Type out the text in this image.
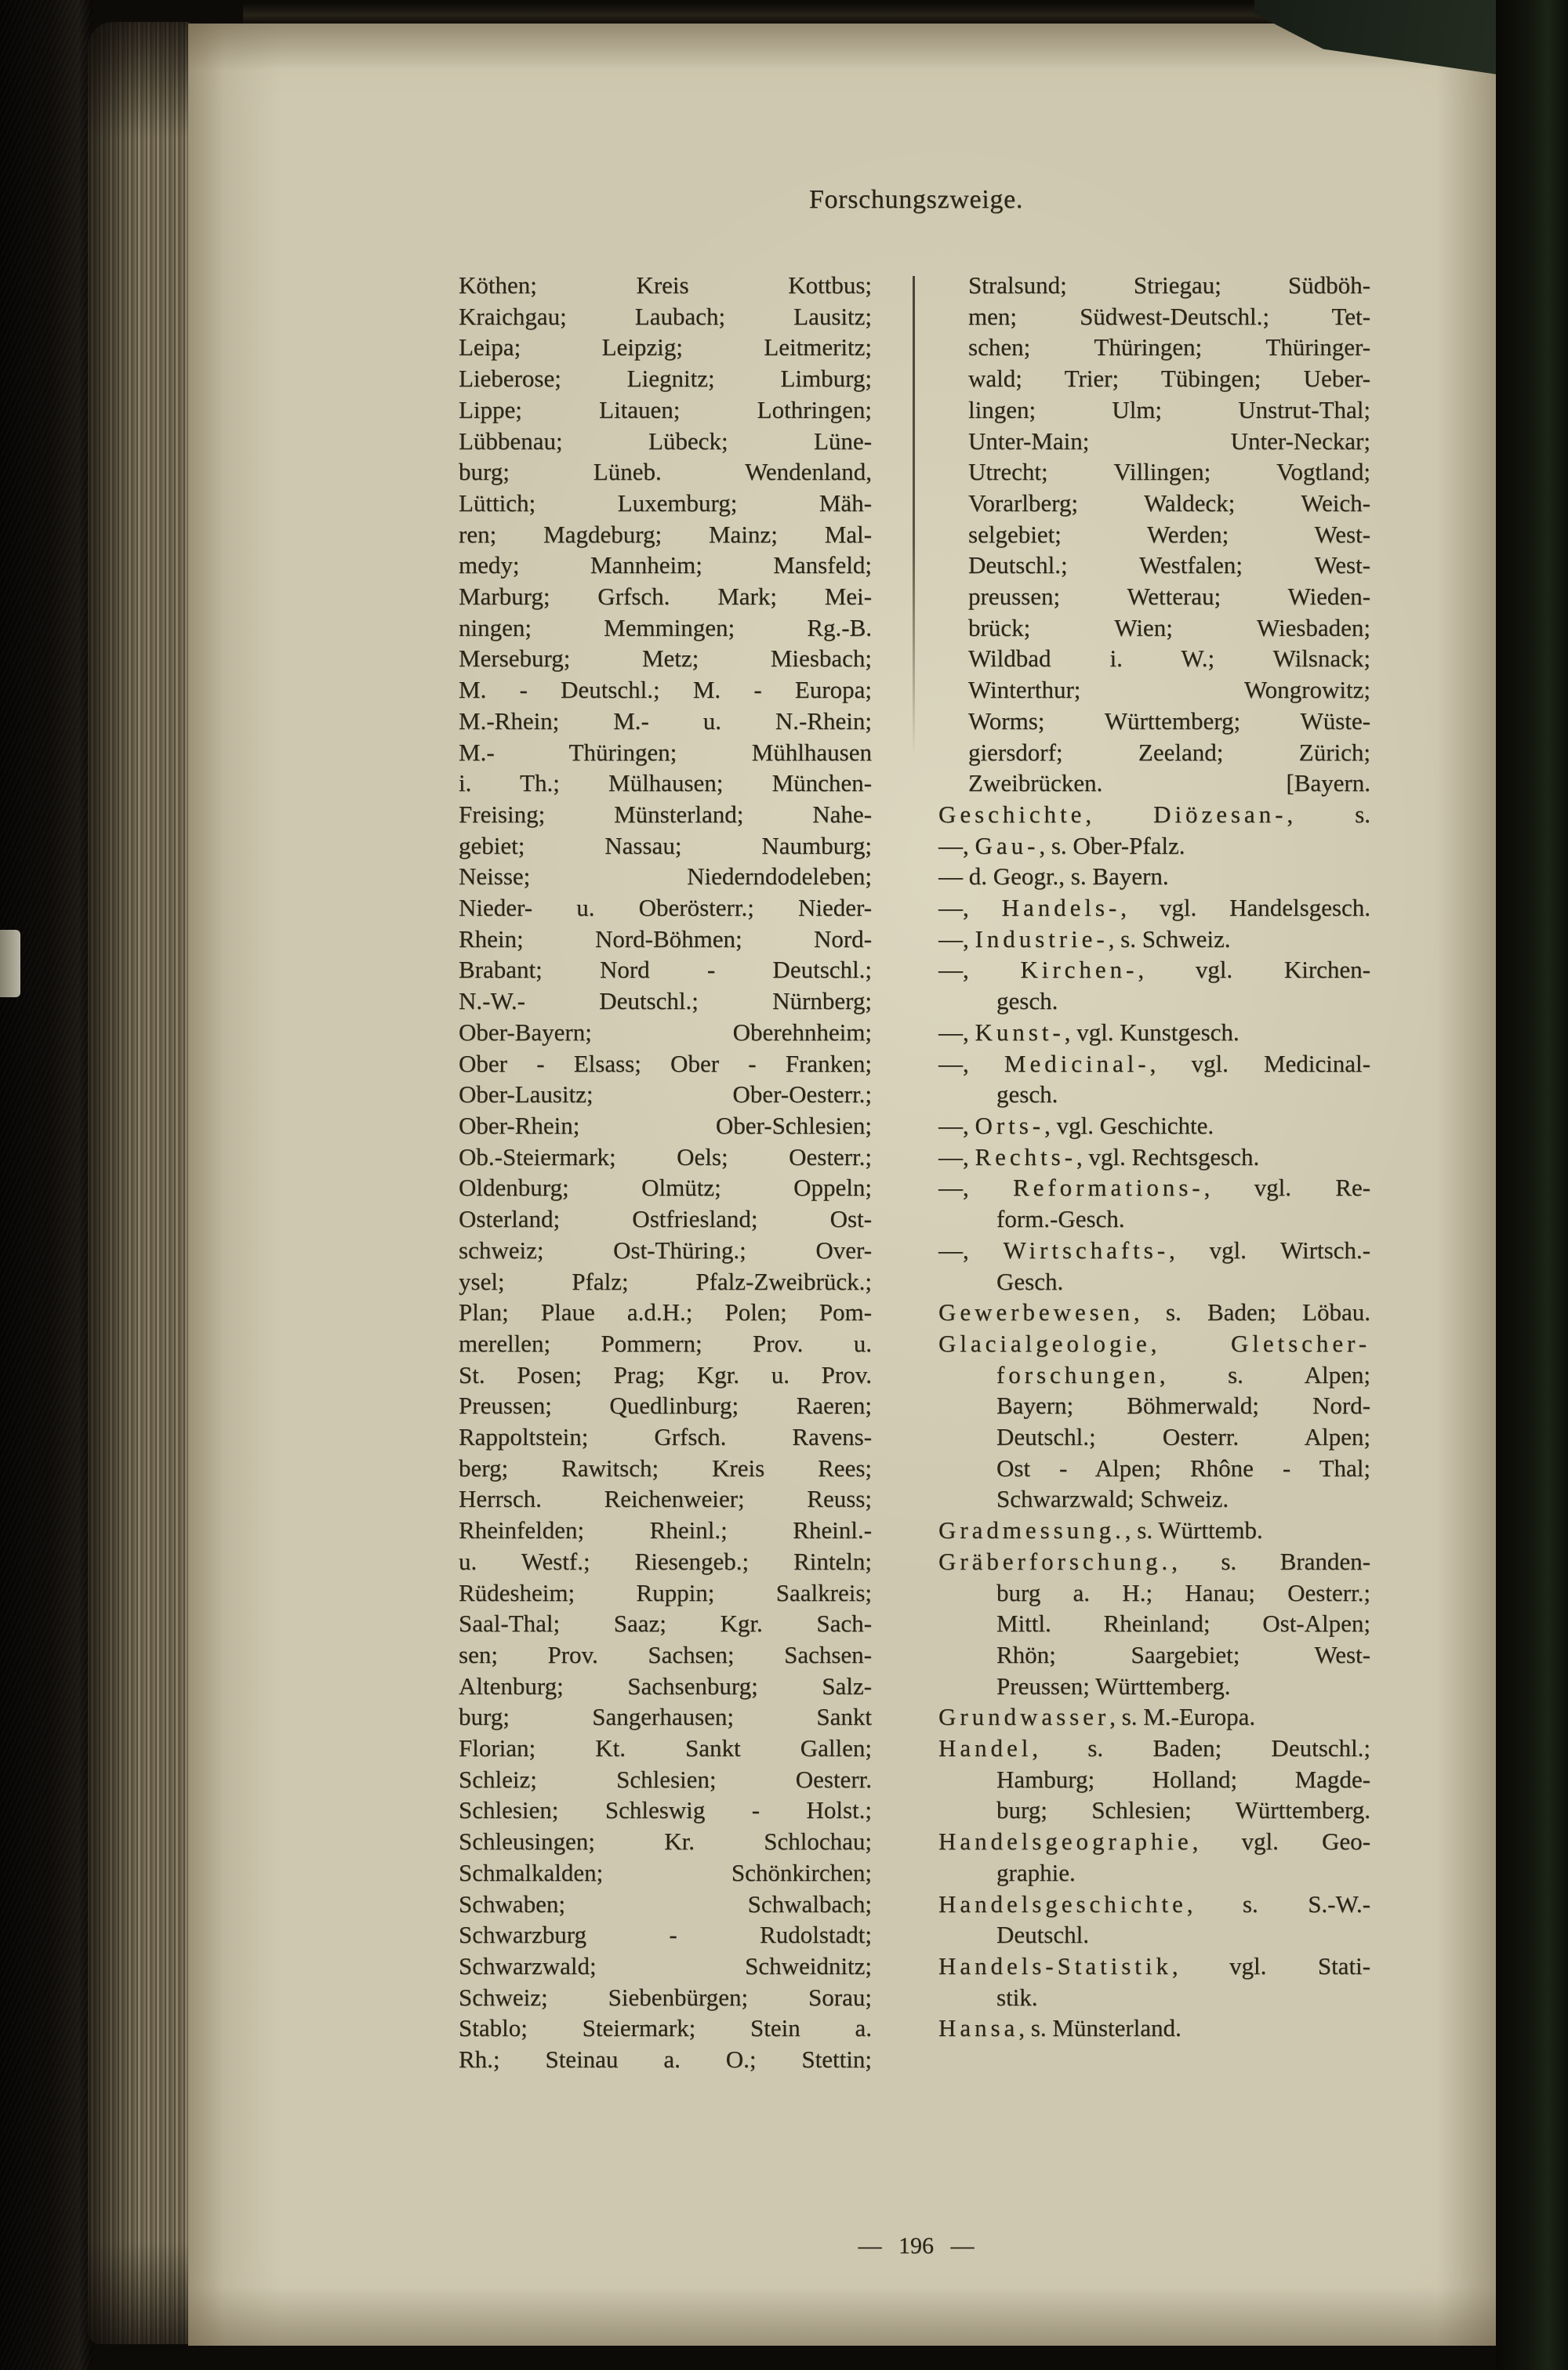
Forschungszweige.
Köthen; Kreis Kottbus;
Kraichgau; Laubach; Lausitz;
Leipa; Leipzig; Leitmeritz;
Lieberose; Liegnitz; Limburg;
Lippe; Litauen; Lothringen;
Lübbenau; Lübeck; Lüne-
burg; Lüneb. Wendenland,
Lüttich; Luxemburg; Mäh-
ren; Magdeburg; Mainz; Mal-
medy; Mannheim; Mansfeld;
Marburg; Grfsch. Mark; Mei-
ningen; Memmingen; Rg.-B.
Merseburg; Metz; Miesbach;
M. - Deutschl.; M. - Europa;
M.-Rhein; M.- u. N.-Rhein;
M.- Thüringen; Mühlhausen
i. Th.; Mülhausen; München-
Freising; Münsterland; Nahe-
gebiet; Nassau; Naumburg;
Neisse; Niederndodeleben;
Nieder- u. Oberösterr.; Nieder-
Rhein; Nord-Böhmen; Nord-
Brabant; Nord - Deutschl.;
N.-W.- Deutschl.; Nürnberg;
Ober-Bayern; Oberehnheim;
Ober - Elsass; Ober - Franken;
Ober-Lausitz; Ober-Oesterr.;
Ober-Rhein; Ober-Schlesien;
Ob.-Steiermark; Oels; Oesterr.;
Oldenburg; Olmütz; Oppeln;
Osterland; Ostfriesland; Ost-
schweiz; Ost-Thüring.; Over-
ysel; Pfalz; Pfalz-Zweibrück.;
Plan; Plaue a.d.H.; Polen; Pom-
merellen; Pommern; Prov. u.
St. Posen; Prag; Kgr. u. Prov.
Preussen; Quedlinburg; Raeren;
Rappoltstein; Grfsch. Ravens-
berg; Rawitsch; Kreis Rees;
Herrsch. Reichenweier; Reuss;
Rheinfelden; Rheinl.; Rheinl.-
u. Westf.; Riesengeb.; Rinteln;
Rüdesheim; Ruppin; Saalkreis;
Saal-Thal; Saaz; Kgr. Sach-
sen; Prov. Sachsen; Sachsen-
Altenburg; Sachsenburg; Salz-
burg; Sangerhausen; Sankt
Florian; Kt. Sankt Gallen;
Schleiz; Schlesien; Oesterr.
Schlesien; Schleswig - Holst.;
Schleusingen; Kr. Schlochau;
Schmalkalden; Schönkirchen;
Schwaben; Schwalbach;
Schwarzburg - Rudolstadt;
Schwarzwald; Schweidnitz;
Schweiz; Siebenbürgen; Sorau;
Stablo; Steiermark; Stein a.
Rh.; Steinau a. O.; Stettin;
Stralsund; Striegau; Südböh-
men; Südwest-Deutschl.; Tet-
schen; Thüringen; Thüringer-
wald; Trier; Tübingen; Ueber-
lingen; Ulm; Unstrut-Thal;
Unter-Main; Unter-Neckar;
Utrecht; Villingen; Vogtland;
Vorarlberg; Waldeck; Weich-
selgebiet; Werden; West-
Deutschl.; Westfalen; West-
preussen; Wetterau; Wieden-
brück; Wien; Wiesbaden;
Wildbad i. W.; Wilsnack;
Winterthur; Wongrowitz;
Worms; Württemberg; Wüste-
giersdorf; Zeeland; Zürich;
Zweibrücken. [Bayern.
Geschichte, Diözesan-, s.
—, Gau-, s. Ober-Pfalz.
— d. Geogr., s. Bayern.
—, Handels-, vgl. Handelsgesch.
—, Industrie-, s. Schweiz.
—, Kirchen-, vgl. Kirchen-
gesch.
—, Kunst-, vgl. Kunstgesch.
—, Medicinal-, vgl. Medicinal-
gesch.
—, Orts-, vgl. Geschichte.
—, Rechts-, vgl. Rechtsgesch.
—, Reformations-, vgl. Re-
form.-Gesch.
—, Wirtschafts-, vgl. Wirtsch.-
Gesch.
Gewerbewesen, s. Baden; Löbau.
Glacialgeologie, Gletscher-
forschungen, s. Alpen;
Bayern; Böhmerwald; Nord-
Deutschl.; Oesterr. Alpen;
Ost - Alpen; Rhône - Thal;
Schwarzwald; Schweiz.
Gradmessung., s. Württemb.
Gräberforschung., s. Branden-
burg a. H.; Hanau; Oesterr.;
Mittl. Rheinland; Ost-Alpen;
Rhön; Saargebiet; West-
Preussen; Württemberg.
Grundwasser, s. M.-Europa.
Handel, s. Baden; Deutschl.;
Hamburg; Holland; Magde-
burg; Schlesien; Württemberg.
Handelsgeographie, vgl. Geo-
graphie.
Handelsgeschichte, s. S.-W.-
Deutschl.
Handels-Statistik, vgl. Stati-
stik.
Hansa, s. Münsterland.
— 196 —
